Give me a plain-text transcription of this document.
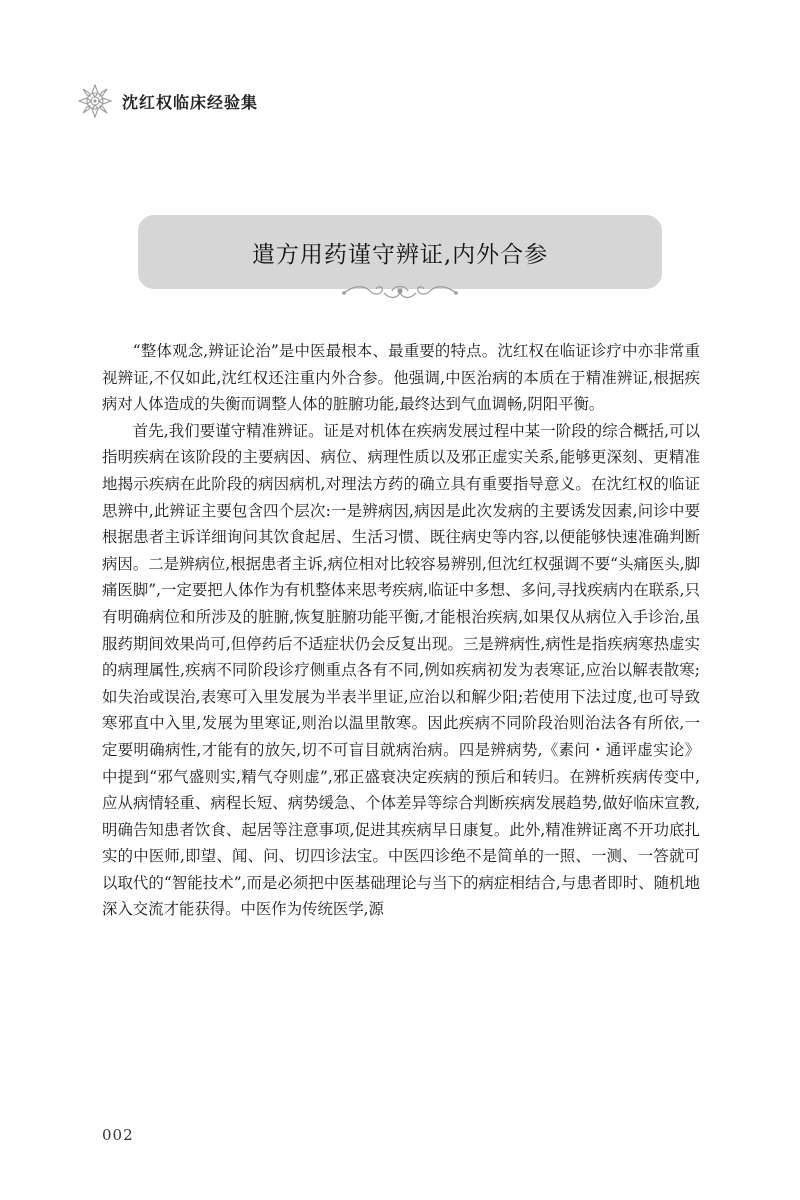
沈红权临床经验集
遣方用药谨守辨证,内外合参

“整体观念,辨证论治”是中医最根本、最重要的特点。沈红权在临证诊疗中亦非常重视辨证,不仅如此,沈红权还注重内外合参。他强调,中医治病的本质在于精准辨证,根据疾病对人体造成的失衡而调整人体的脏腑功能,最终达到气血调畅,阴阳平衡。

首先,我们要谨守精准辨证。证是对机体在疾病发展过程中某一阶段的综合概括,可以指明疾病在该阶段的主要病因、病位、病理性质以及邪正虚实关系,能够更深刻、更精准地揭示疾病在此阶段的病因病机,对理法方药的确立具有重要指导意义。在沈红权的临证思辨中,此辨证主要包含四个层次:一是辨病因,病因是此次发病的主要诱发因素,问诊中要根据患者主诉详细询问其饮食起居、生活习惯、既往病史等内容,以便能够快速准确判断病因。二是辨病位,根据患者主诉,病位相对比较容易辨别,但沈红权强调不要“头痛医头,脚痛医脚”,一定要把人体作为有机整体来思考疾病,临证中多想、多问,寻找疾病内在联系,只有明确病位和所涉及的脏腑,恢复脏腑功能平衡,才能根治疾病,如果仅从病位入手诊治,虽服药期间效果尚可,但停药后不适症状仍会反复出现。三是辨病性,病性是指疾病寒热虚实的病理属性,疾病不同阶段诊疗侧重点各有不同,例如疾病初发为表寒证,应治以解表散寒;如失治或误治,表寒可入里发展为半表半里证,应治以和解少阳;若使用下法过度,也可导致寒邪直中入里,发展为里寒证,则治以温里散寒。因此疾病不同阶段治则治法各有所依,一定要明确病性,才能有的放矢,切不可盲目就病治病。四是辨病势,《素问・通评虚实论》中提到“邪气盛则实,精气夺则虚”,邪正盛衰决定疾病的预后和转归。在辨析疾病传变中,应从病情轻重、病程长短、病势缓急、个体差异等综合判断疾病发展趋势,做好临床宣教,明确告知患者饮食、起居等注意事项,促进其疾病早日康复。此外,精准辨证离不开功底扎实的中医师,即望、闻、问、切四诊法宝。中医四诊绝不是简单的一照、一测、一答就可以取代的“智能技术”,而是必须把中医基础理论与当下的病症相结合,与患者即时、随机地深入交流才能获得。中医作为传统医学,源

002
